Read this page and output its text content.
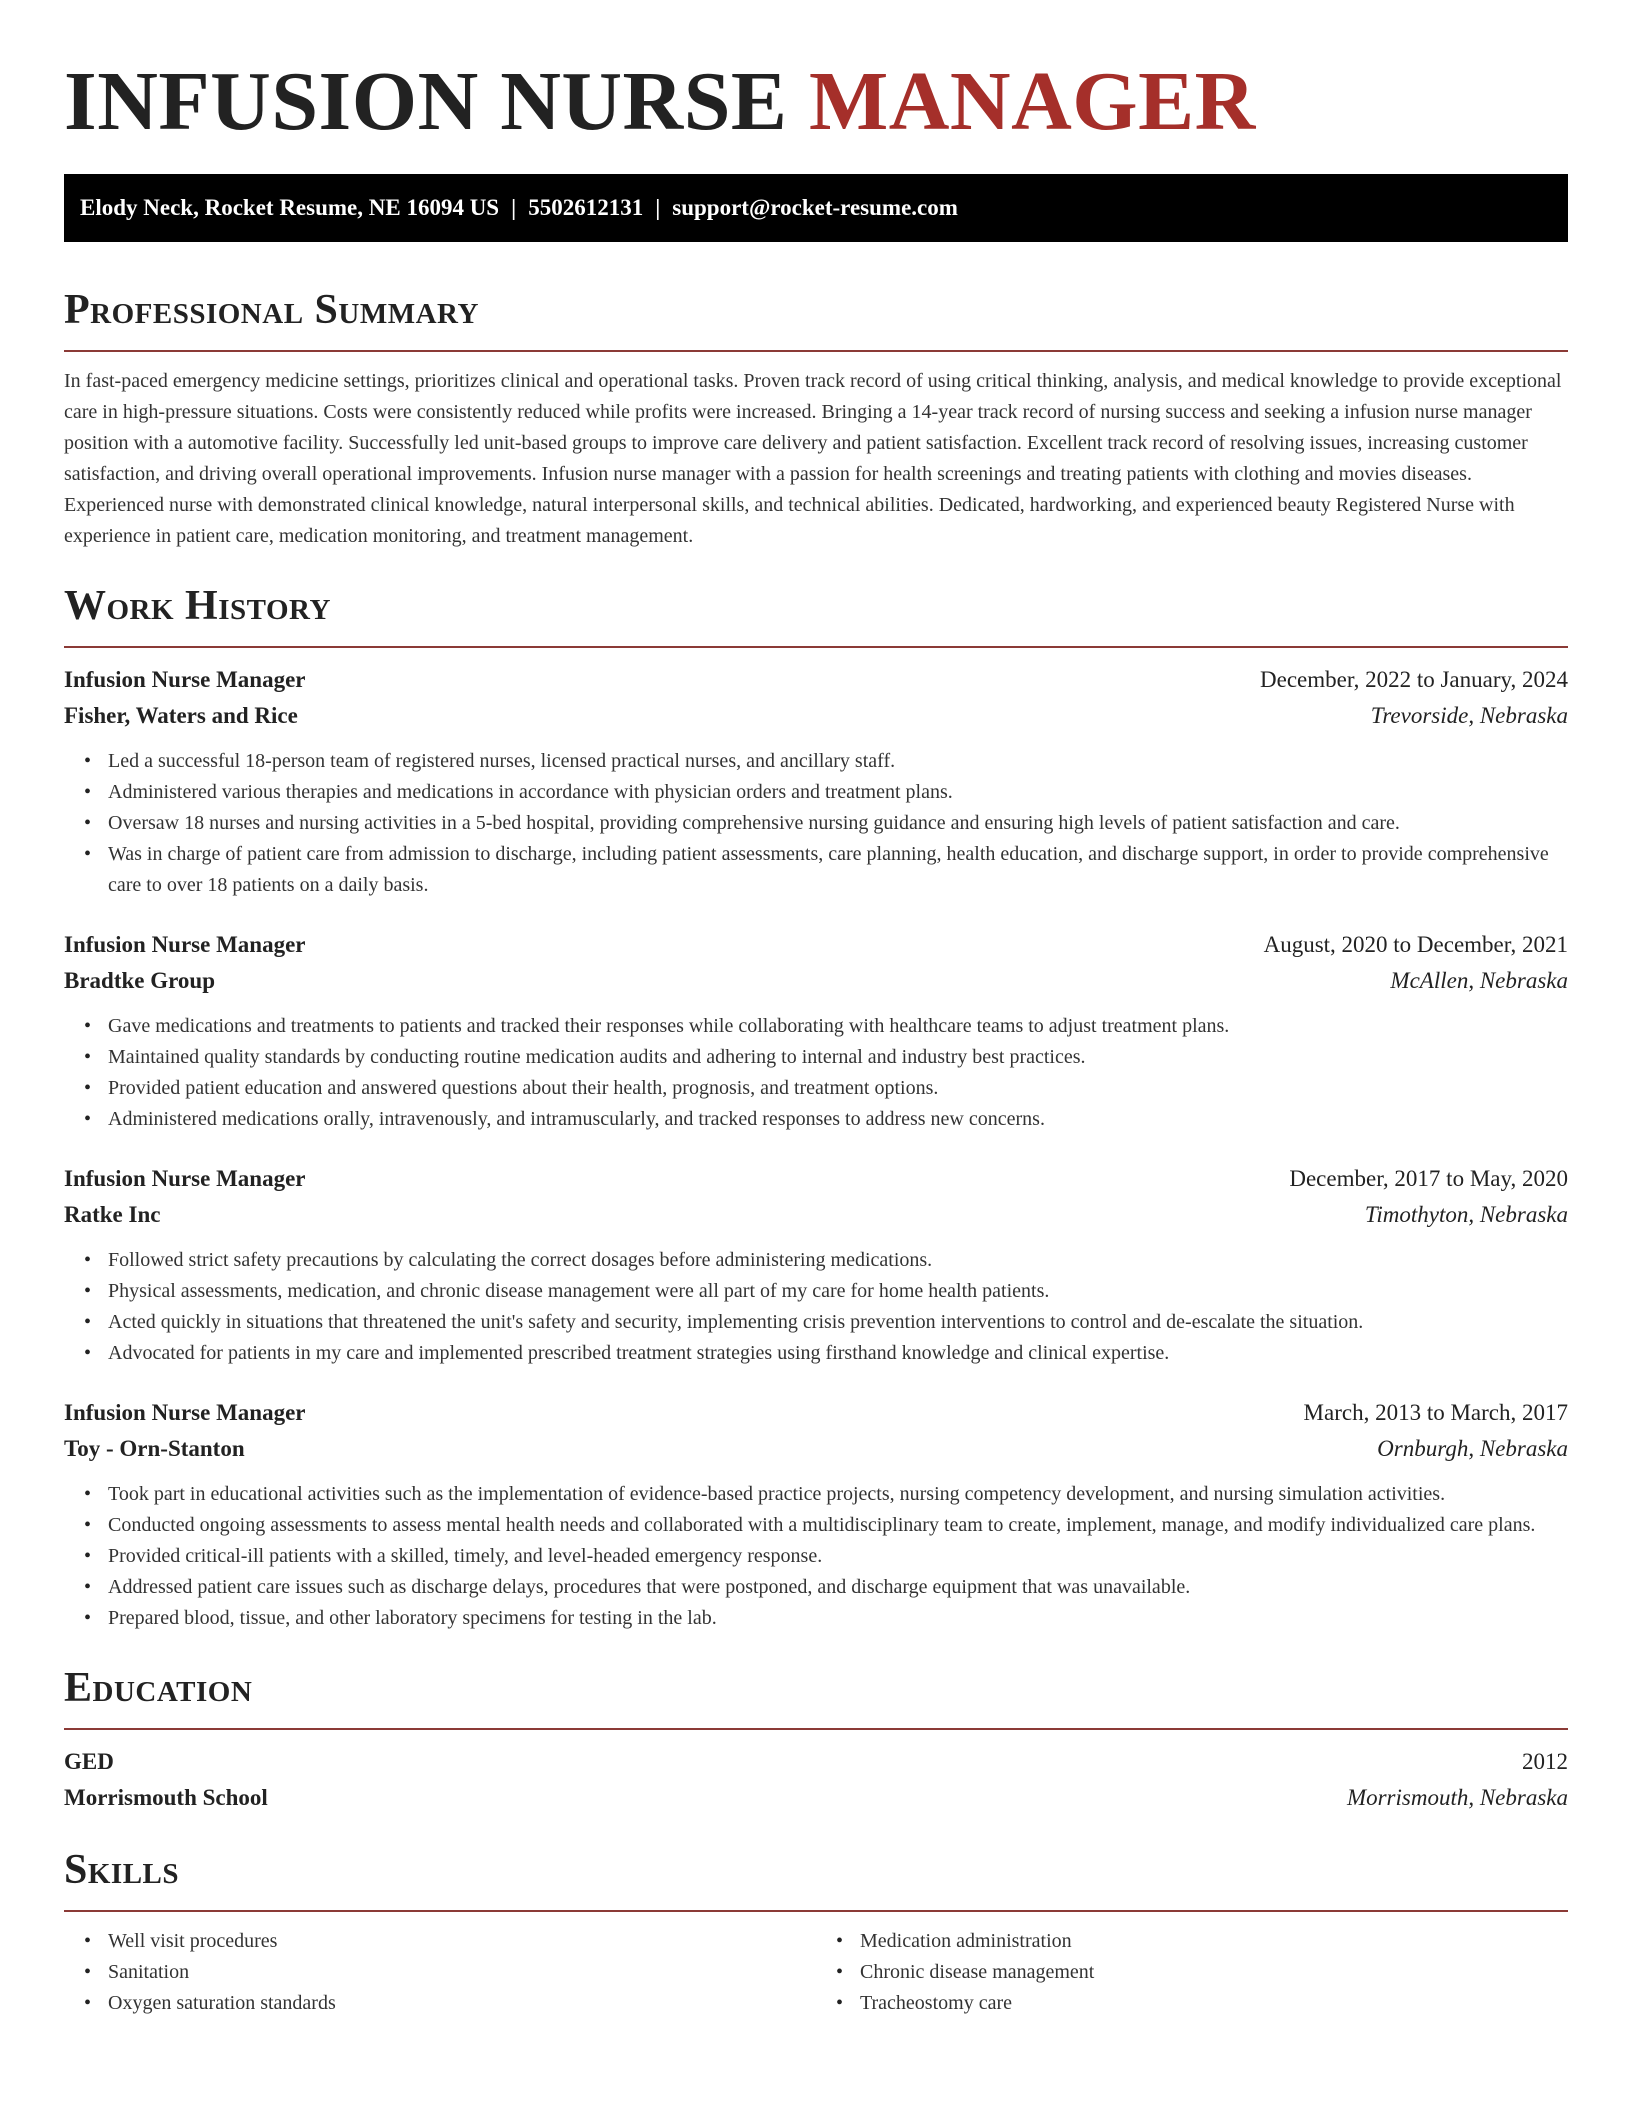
INFUSION NURSE MANAGER
Elody Neck, Rocket Resume, NE 16094 US | 5502612131 | support@rocket-resume.com
Professional Summary

In fast-paced emergency medicine settings, prioritizes clinical and operational tasks. Proven track record of using critical thinking, analysis, and medical knowledge to provide exceptional care in high-pressure situations. Costs were consistently reduced while profits were increased. Bringing a 14-year track record of nursing success and seeking a infusion nurse manager position with a automotive facility. Successfully led unit-based groups to improve care delivery and patient satisfaction. Excellent track record of resolving issues, increasing customer satisfaction, and driving overall operational improvements. Infusion nurse manager with a passion for health screenings and treating patients with clothing and movies diseases. Experienced nurse with demonstrated clinical knowledge, natural interpersonal skills, and technical abilities. Dedicated, hardworking, and experienced beauty Registered Nurse with experience in patient care, medication monitoring, and treatment management.

Work History
Infusion Nurse Manager	December, 2022 to January, 2024
Fisher, Waters and Rice	Trevorside, Nebraska
• Led a successful 18-person team of registered nurses, licensed practical nurses, and ancillary staff.
• Administered various therapies and medications in accordance with physician orders and treatment plans.
• Oversaw 18 nurses and nursing activities in a 5-bed hospital, providing comprehensive nursing guidance and ensuring high levels of patient satisfaction and care.
• Was in charge of patient care from admission to discharge, including patient assessments, care planning, health education, and discharge support, in order to provide comprehensive care to over 18 patients on a daily basis.
Infusion Nurse Manager	August, 2020 to December, 2021
Bradtke Group	McAllen, Nebraska
• Gave medications and treatments to patients and tracked their responses while collaborating with healthcare teams to adjust treatment plans.
• Maintained quality standards by conducting routine medication audits and adhering to internal and industry best practices.
• Provided patient education and answered questions about their health, prognosis, and treatment options.
• Administered medications orally, intravenously, and intramuscularly, and tracked responses to address new concerns.
Infusion Nurse Manager	December, 2017 to May, 2020
Ratke Inc	Timothyton, Nebraska
• Followed strict safety precautions by calculating the correct dosages before administering medications.
• Physical assessments, medication, and chronic disease management were all part of my care for home health patients.
• Acted quickly in situations that threatened the unit's safety and security, implementing crisis prevention interventions to control and de-escalate the situation.
• Advocated for patients in my care and implemented prescribed treatment strategies using firsthand knowledge and clinical expertise.
Infusion Nurse Manager	March, 2013 to March, 2017
Toy - Orn-Stanton	Ornburgh, Nebraska
• Took part in educational activities such as the implementation of evidence-based practice projects, nursing competency development, and nursing simulation activities.
• Conducted ongoing assessments to assess mental health needs and collaborated with a multidisciplinary team to create, implement, manage, and modify individualized care plans.
• Provided critical-ill patients with a skilled, timely, and level-headed emergency response.
• Addressed patient care issues such as discharge delays, procedures that were postponed, and discharge equipment that was unavailable.
• Prepared blood, tissue, and other laboratory specimens for testing in the lab.
Education
GED	2012
Morrismouth School	Morrismouth, Nebraska
Skills
• Well visit procedures
• Sanitation
• Oxygen saturation standards
• Medication administration
• Chronic disease management
• Tracheostomy care
